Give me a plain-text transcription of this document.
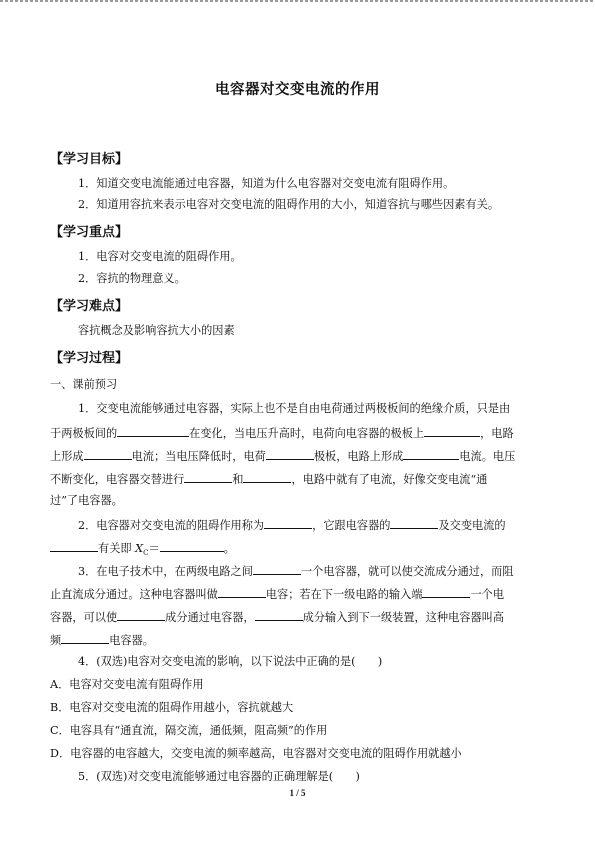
电容器对交变电流的作用
【学习目标】
1．知道交变电流能通过电容器，知道为什么电容器对交变电流有阻碍作用。
2．知道用容抗来表示电容对交变电流的阻碍作用的大小，知道容抗与哪些因素有关。
【学习重点】
1．电容对交变电流的阻碍作用。
2．容抗的物理意义。
【学习难点】
容抗概念及影响容抗大小的因素
【学习过程】
一、课前预习
1．交变电流能够通过电容器，实际上也不是自由电荷通过两极板间的绝缘介质，只是由
于两极板间的	在变化，当电压升高时，电荷向电容器的极板上	，电路
上形成	电流；当电压降低时，电荷	极板，电路上形成	电流。电压
不断变化，电容器交替进行	和	，电路中就有了电流，好像交变电流“通
过”了电容器。
2．电容器对交变电流的阻碍作用称为	，它跟电容器的	及交变电流的
有关即 $X_C=$	。
3．在电子技术中，在两级电路之间	一个电容器，就可以使交流成分通过，而阻
止直流成分通过。这种电容器叫做	电容；若在下一级电路的输入端	一个电
容器，可以使	成分通过电容器，	成分输入到下一级装置，这种电容器叫高
频	电容器。
4．(双选)电容对交变电流的影响，以下说法中正确的是(　　)
A．电容对交变电流有阻碍作用
B．电容对交变电流的阻碍作用越小，容抗就越大
C．电容具有“通直流，隔交流，通低频，阻高频”的作用
D．电容器的电容越大，交变电流的频率越高，电容器对交变电流的阻碍作用就越小
5．(双选)对交变电流能够通过电容器的正确理解是(　　)
1 / 5
